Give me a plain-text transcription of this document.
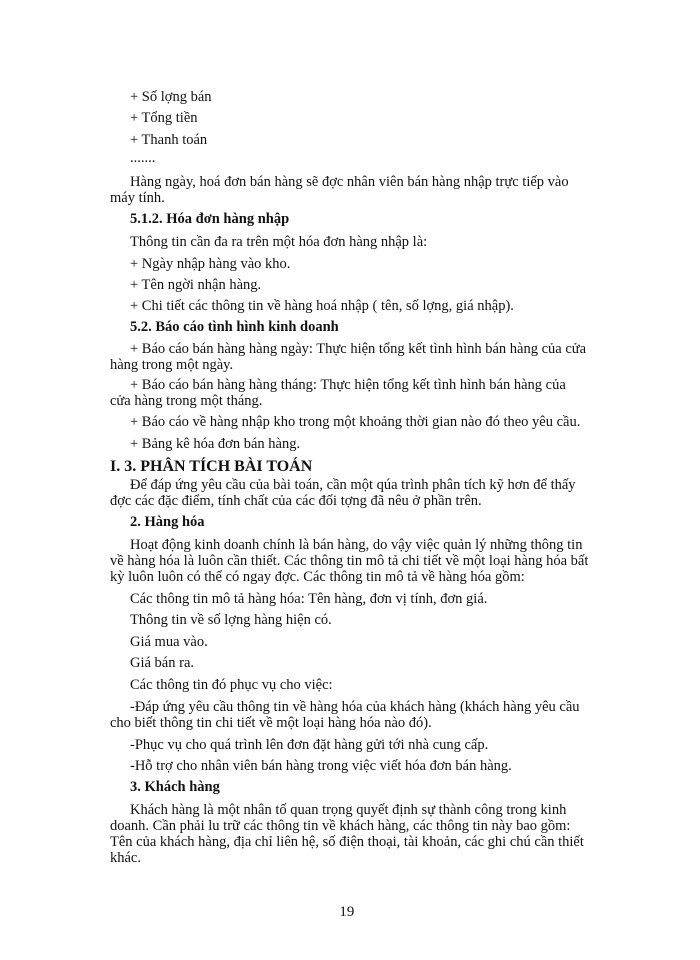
+ Số lợng bán
+ Tổng tiền
+ Thanh toán
.......
Hàng ngày, hoá đơn bán hàng sẽ đợc nhân viên bán hàng nhập trực tiếp vào
máy tính.
5.1.2. Hóa đơn hàng nhập
Thông tin cần đa ra trên một hóa đơn hàng nhập là:
+ Ngày nhập hàng vào kho.
+ Tên ngời nhận hàng.
+ Chi tiết các thông tin về hàng hoá nhập ( tên, số lợng, giá nhập).
5.2. Báo cáo tình hình kinh doanh
+ Báo cáo bán hàng hàng ngày: Thực hiện tổng kết tình hình bán hàng của cửa
hàng trong một ngày.
+ Báo cáo bán hàng hàng tháng: Thực hiện tổng kết tình hình bán hàng của
cửa hàng trong một tháng.
+ Báo cáo về hàng nhập kho trong một khoảng thời gian nào đó theo yêu cầu.
+ Bảng kê hóa đơn bán hàng.
I. 3. PHÂN TÍCH BÀI TOÁN
Để đáp ứng yêu cầu của bài toán, cần một qúa trình phân tích kỹ hơn để thấy
đợc các đặc điểm, tính chất của các đối tợng đã nêu ở phần trên.
2. Hàng hóa
Hoạt động kinh doanh chính là bán hàng, do vậy việc quản lý những thông tin
về hàng hóa là luôn cần thiết. Các thông tin mô tả chi tiết về một loại hàng hóa bất
kỳ luôn luôn có thể có ngay đợc. Các thông tin mô tả về hàng hóa gồm:
Các thông tin mô tả hàng hóa: Tên hàng, đơn vị tính, đơn giá.
Thông tin về số lợng hàng hiện có.
Giá mua vào.
Giá bán ra.
Các thông tin đó phục vụ cho việc:
-Đáp ứng yêu cầu thông tin về hàng hóa của khách hàng (khách hàng yêu cầu
cho biết thông tin chi tiết về một loại hàng hóa nào đó).
-Phục vụ cho quá trình lên đơn đặt hàng gửi tới nhà cung cấp.
-Hỗ trợ cho nhân viên bán hàng trong việc viết hóa đơn bán hàng.
3. Khách hàng
Khách hàng là một nhân tố quan trọng quyết định sự thành công trong kinh
doanh. Cần phải lu trữ các thông tin về khách hàng, các thông tin này bao gồm:
Tên của khách hàng, địa chỉ liên hệ, số điện thoại, tài khoản, các ghi chú cần thiết
khác.
19
